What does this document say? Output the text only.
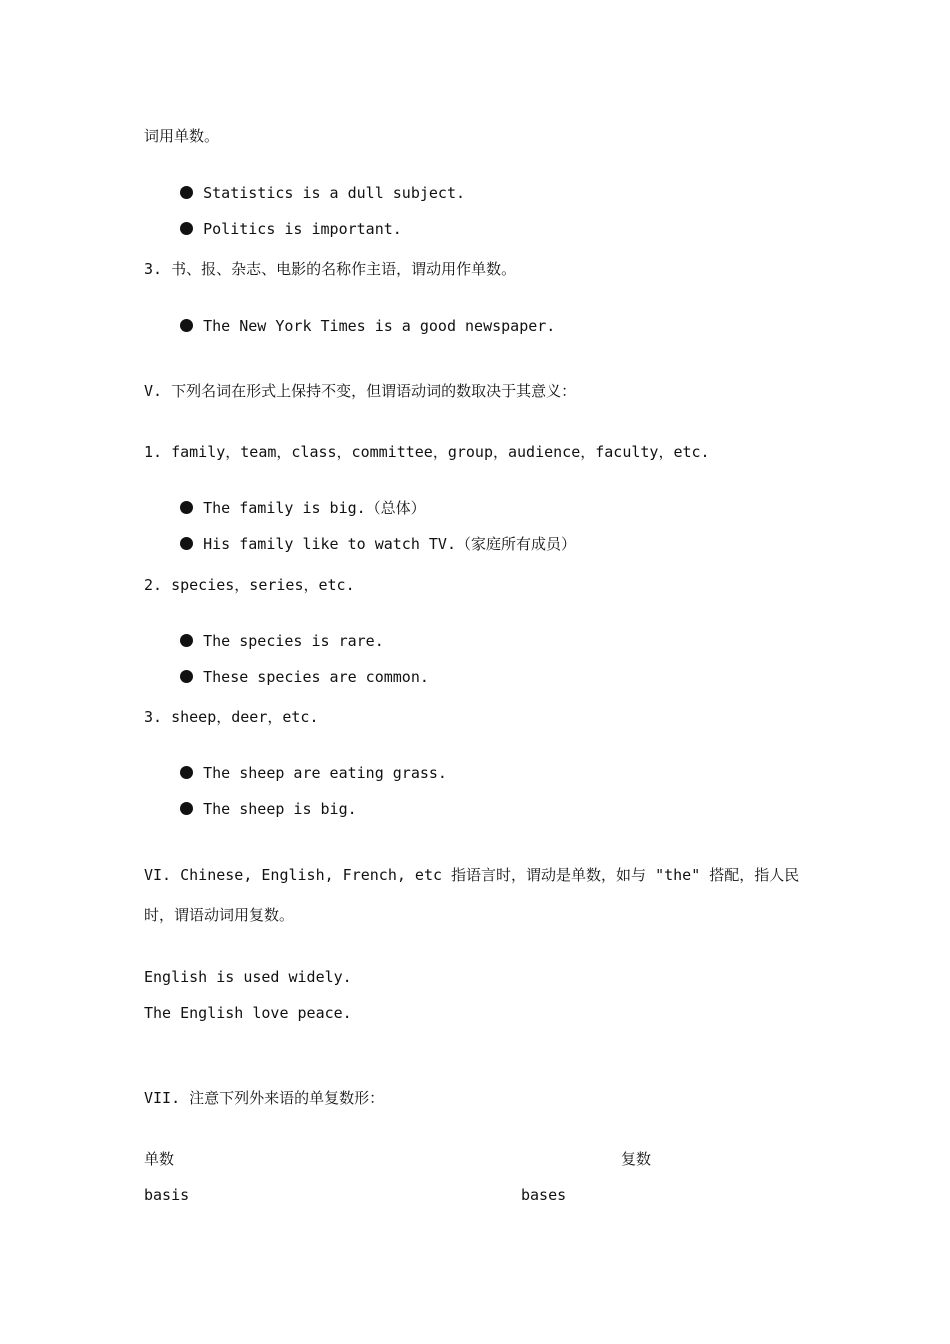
词用单数。

Statistics is a dull subject.

Politics is important.

3. 书、报、杂志、电影的名称作主语，谓动用作单数。

The New York Times is a good newspaper.

V. 下列名词在形式上保持不变，但谓语动词的数取决于其意义：
1. family，team，class，committee，group，audience，faculty，etc.

The family is big.（总体）

His family like to watch TV.（家庭所有成员）

2. species，series，etc.

The species is rare.

These species are common.

3. sheep，deer，etc.

The sheep are eating grass.

The sheep is big.

VI. Chinese, English, French, etc 指语言时，谓动是单数，如与 "the" 搭配，指人民
时，谓语动词用复数。
English is used widely.
The English love peace.
VII. 注意下列外来语的单复数形：
单数	复数
basis	bases
